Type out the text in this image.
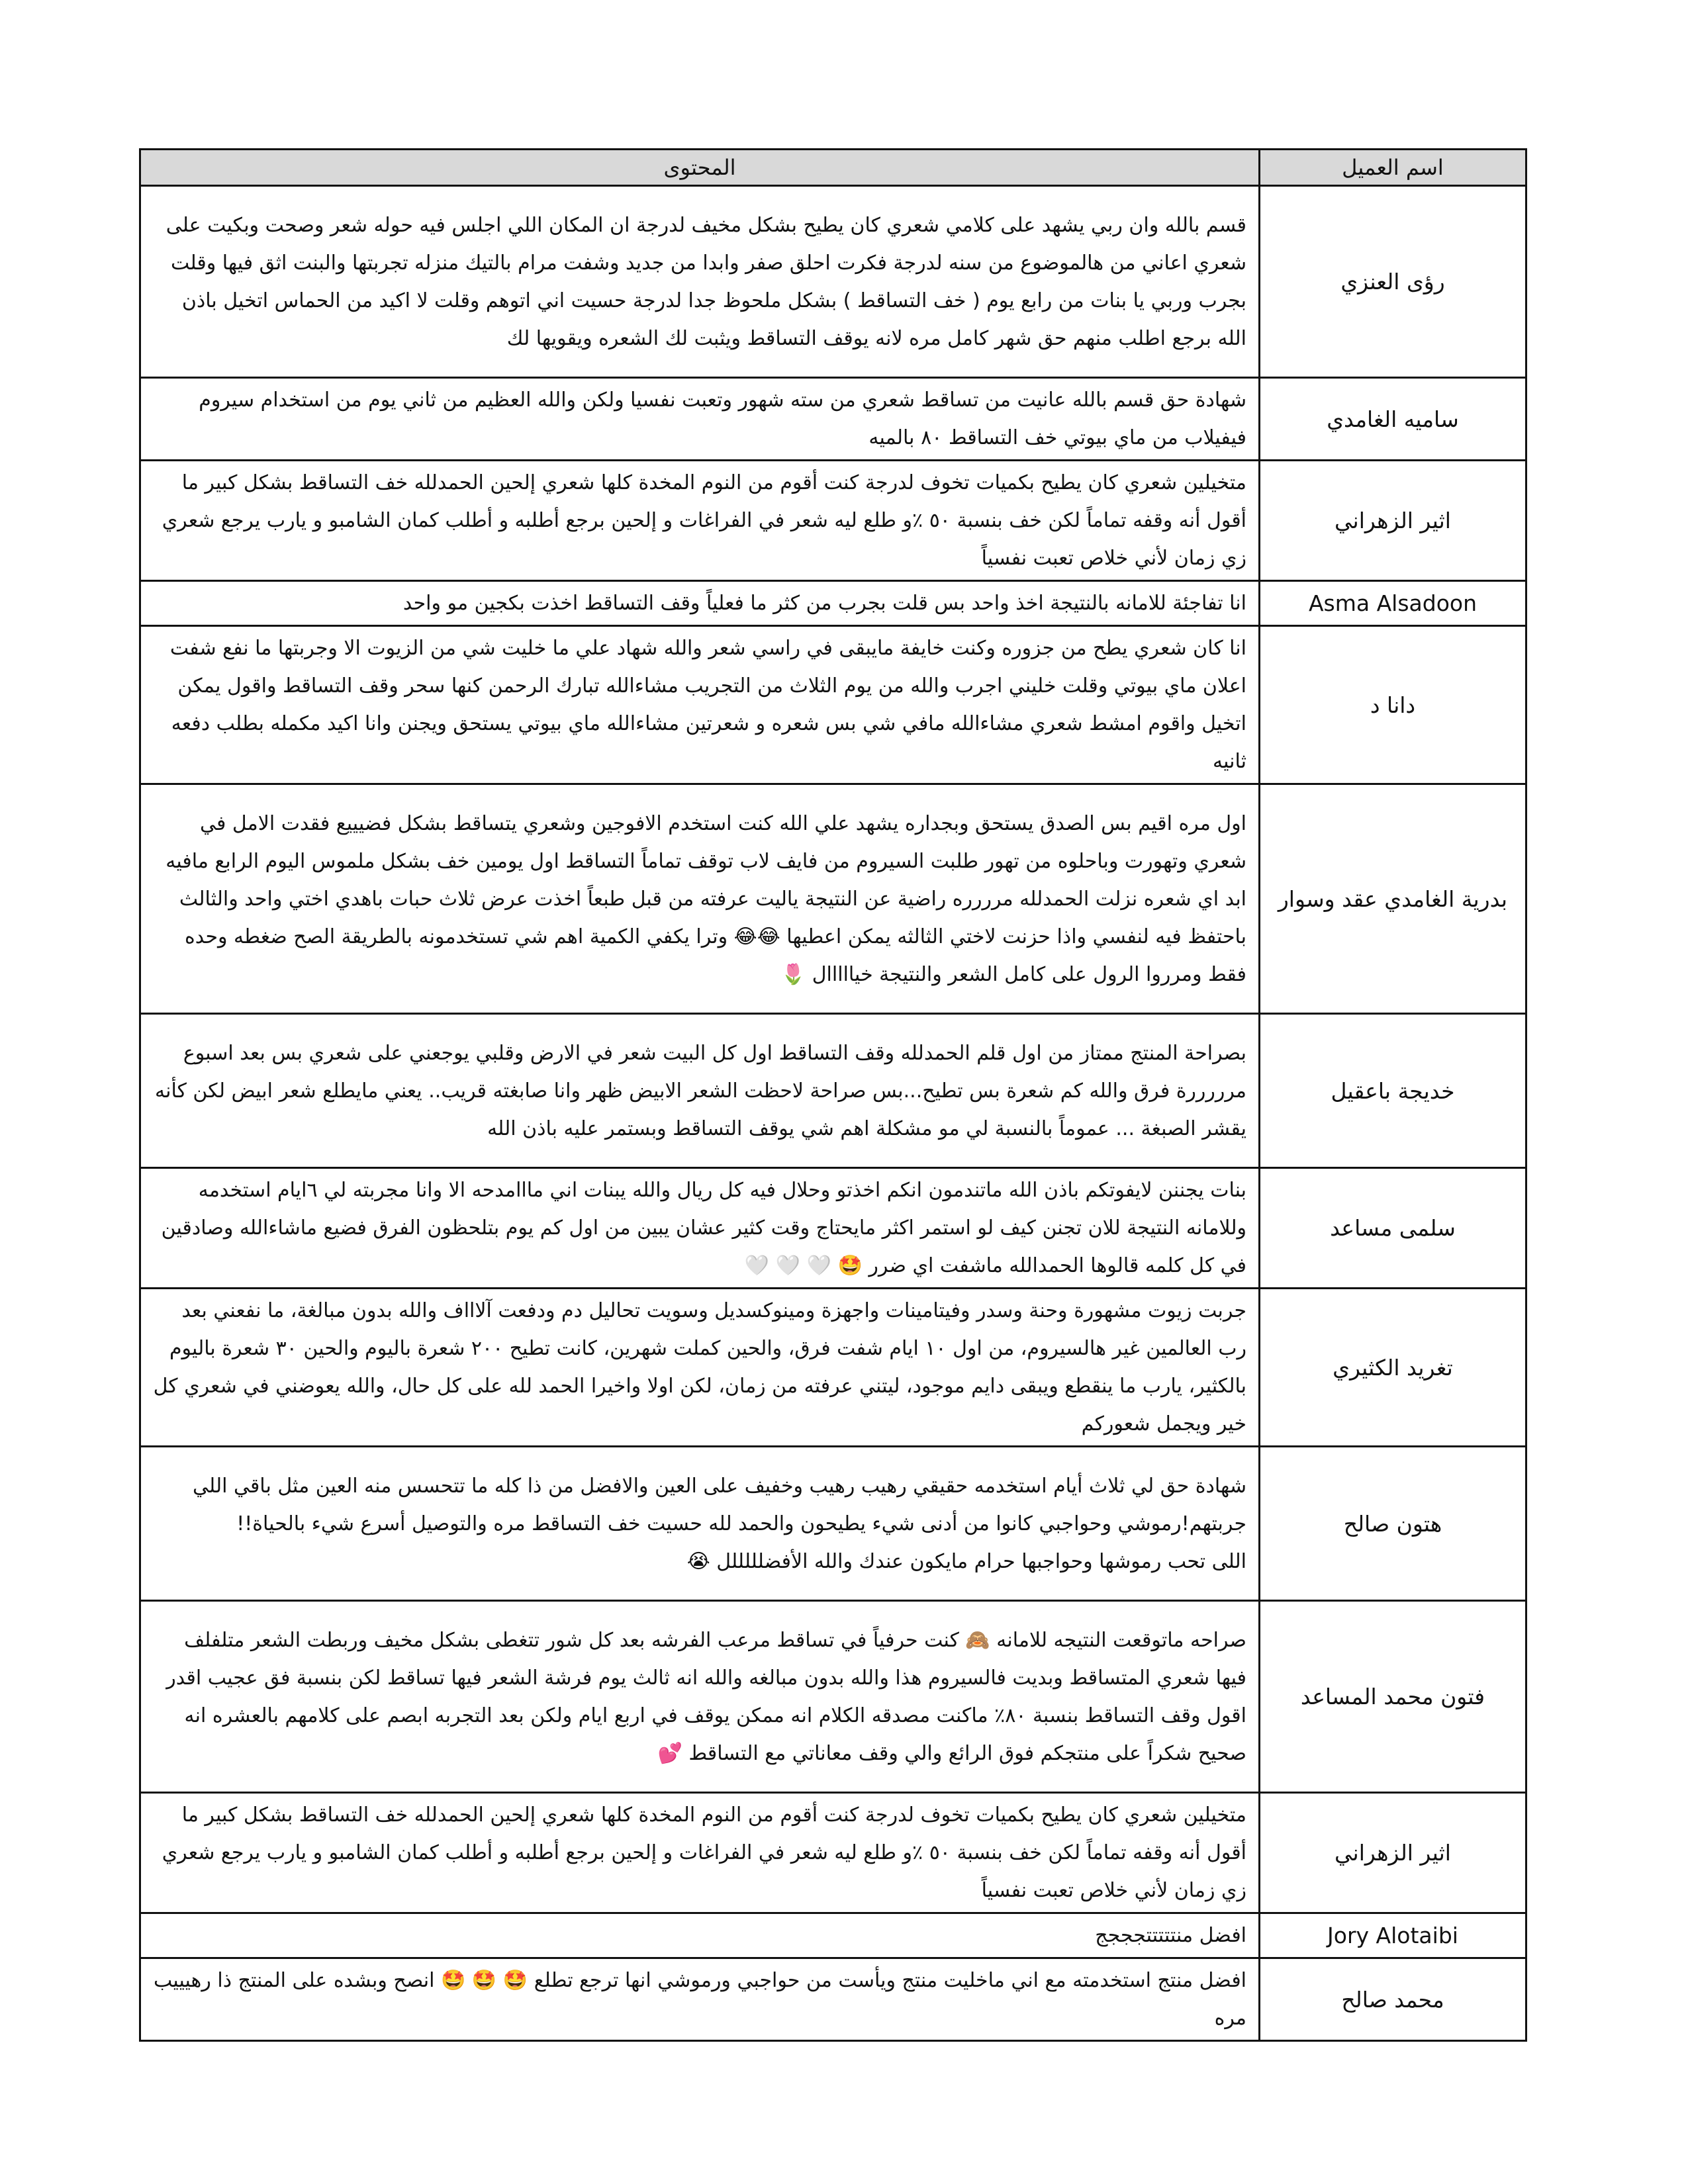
اسم العميل	المحتوى
رؤى العنزي	قسم بالله وان ربي يشهد على كلامي شعري كان يطيح بشكل مخيف لدرجة ان المكان اللي اجلس فيه حوله شعر وصحت وبكيت على شعري اعاني من هالموضوع من سنه لدرجة فكرت احلق صفر وابدا من جديد وشفت مرام بالتيك منزله تجربتها والبنت اثق فيها وقلت بجرب وربي يا بنات من رابع يوم ( خف التساقط ) بشكل ملحوظ جدا لدرجة حسيت اني اتوهم وقلت لا اكيد من الحماس اتخيل باذن الله برجع اطلب منهم حق شهر كامل مره لانه يوقف التساقط ويثبت لك الشعره ويقويها لك
ساميه الغامدي	شهادة حق قسم بالله عانيت من تساقط شعري من سته شهور وتعبت نفسيا ولكن والله العظيم من ثاني يوم من استخدام سيروم فيفيلاب من ماي بيوتي خف التساقط ٨٠ بالميه
اثير الزهراني	متخيلين شعري كان يطيح بكميات تخوف لدرجة كنت أقوم من النوم المخدة كلها شعري إلحين الحمدلله خف التساقط بشكل كبير ما أقول أنه وقفه تماماً لكن خف بنسبة ٥٠ ٪و طلع ليه شعر في الفراغات و إلحين برجع أطلبه و أطلب كمان الشامبو و يارب يرجع شعري زي زمان لأني خلاص تعبت نفسياً
Asma Alsadoon	انا تفاجئة للامانه بالنتيجة اخذ واحد بس قلت بجرب من كثر ما فعلياً وقف التساقط اخذت بكجين مو واحد
دانا د	انا كان شعري يطح من جزوره وكنت خايفة مايبقى في راسي شعر والله شهاد علي ما خليت شي من الزيوت الا وجربتها ما نفع شفت اعلان ماي بيوتي وقلت خليني اجرب والله من يوم الثلاث من التجريب مشاءالله تبارك الرحمن كنها سحر وقف التساقط واقول يمكن اتخيل واقوم امشط شعري مشاءالله مافي شي بس شعره و شعرتين مشاءالله ماي بيوتي يستحق ويجنن وانا اكيد مكمله بطلب دفعه ثانيه
بدرية الغامدي عقد وسوار	اول مره اقيم بس الصدق يستحق وبجداره يشهد علي الله كنت استخدم الافوجين وشعري يتساقط بشكل فضيييع فقدت الامل في شعري وتهورت وباحلوه من تهور طلبت السيروم من فايف لاب توقف تماماً التساقط اول يومين خف بشكل ملموس اليوم الرابع مافيه ابد اي شعره نزلت الحمدلله مرررره راضية عن النتيجة ياليت عرفته من قبل طبعاً اخذت عرض ثلاث حبات باهدي اختي واحد والثالث باحتفظ فيه لنفسي واذا حزنت لاختي الثالثه يمكن اعطيها 😂😂 وترا يكفي الكمية اهم شي تستخدمونه بالطريقة الصح ضغطه وحده فقط ومرروا الرول على كامل الشعر والنتيجة خيااااال 🌷
خديجة باعقيل	بصراحة المنتج ممتاز من اول قلم الحمدلله وقف التساقط اول كل البيت شعر في الارض وقلبي يوجعني على شعري بس بعد اسبوع مرررررة فرق والله كم شعرة بس تطيح...بس صراحة لاحظت الشعر الابيض ظهر وانا صابغته قريب.. يعني مايطلع شعر ابيض لكن كأنه يقشر الصبغة ... عموماً بالنسبة لي مو مشكلة اهم شي يوقف التساقط وبستمر عليه باذن الله
سلمى مساعد	بنات يجننن لايفوتكم باذن الله ماتندمون انكم اخذتو وحلال فيه كل ريال والله يبنات اني مااامدحه الا وانا مجربته لي ٦ايام استخدمه وللامانه النتيجة للان تجنن كيف لو استمر اكثر مايحتاج وقت كثير عشان يبين من اول كم يوم بتلحظون الفرق فضيع ماشاءالله وصادقين في كل كلمه قالوها الحمدالله ماشفت اي ضرر 🤩 🤍 🤍 🤍
تغريد الكثيري	جربت زيوت مشهورة وحنة وسدر وفيتامينات واجهزة ومينوكسديل وسويت تحاليل دم ودفعت آلاااف والله بدون مبالغة، ما نفعني بعد رب العالمين غير هالسيروم، من اول ١٠ ايام شفت فرق، والحين كملت شهرين، كانت تطيح ٢٠٠ شعرة باليوم والحين ٣٠ شعرة باليوم بالكثير، يارب ما ينقطع ويبقى دايم موجود، ليتني عرفته من زمان، لكن اولا واخيرا الحمد لله على كل حال، والله يعوضني في شعري كل خير ويجمل شعوركم
هتون صالح	شهادة حق لي ثلاث أيام استخدمه حقيقي رهيب رهيب وخفيف على العين والافضل من ذا كله ما تتحسس منه العين مثل باقي اللي جربتهم!رموشي وحواجبي كانوا من أدنى شيء يطيحون والحمد لله حسيت خف التساقط مره والتوصيل أسرع شيء بالحياة!!

اللى تحب رموشها وحواجبها حرام مايكون عندك والله الأفضلللللل 😭

فتون محمد المساعد	صراحه ماتوقعت النتيجه للامانه 🙈 كنت حرفياً في تساقط مرعب الفرشه بعد كل شور تتغطى بشكل مخيف وربطت الشعر متلفلف فيها شعري المتساقط وبديت فالسيروم هذا والله بدون مبالغه والله انه ثالث يوم فرشة الشعر فيها تساقط لكن بنسبة فق عجيب اقدر اقول وقف التساقط بنسبة ٨٠٪ ماكنت مصدقه الكلام انه ممكن يوقف في اربع ايام ولكن بعد التجربه ابصم على كلامهم بالعشره انه صحيح شكراً على منتجكم فوق الرائع والي وقف معاناتي مع التساقط 💕
اثير الزهراني	متخيلين شعري كان يطيح بكميات تخوف لدرجة كنت أقوم من النوم المخدة كلها شعري إلحين الحمدلله خف التساقط بشكل كبير ما أقول أنه وقفه تماماً لكن خف بنسبة ٥٠ ٪و طلع ليه شعر في الفراغات و إلحين برجع أطلبه و أطلب كمان الشامبو و يارب يرجع شعري زي زمان لأني خلاص تعبت نفسياً
Jory Alotaibi	افضل منتتتتتجججج
محمد صالح	افضل منتج استخدمته مع اني ماخليت منتج ويأست من حواجبي ورموشي انها ترجع تطلع 🤩 🤩 🤩 انصح وبشده على المنتج ذا رهيييب مره
